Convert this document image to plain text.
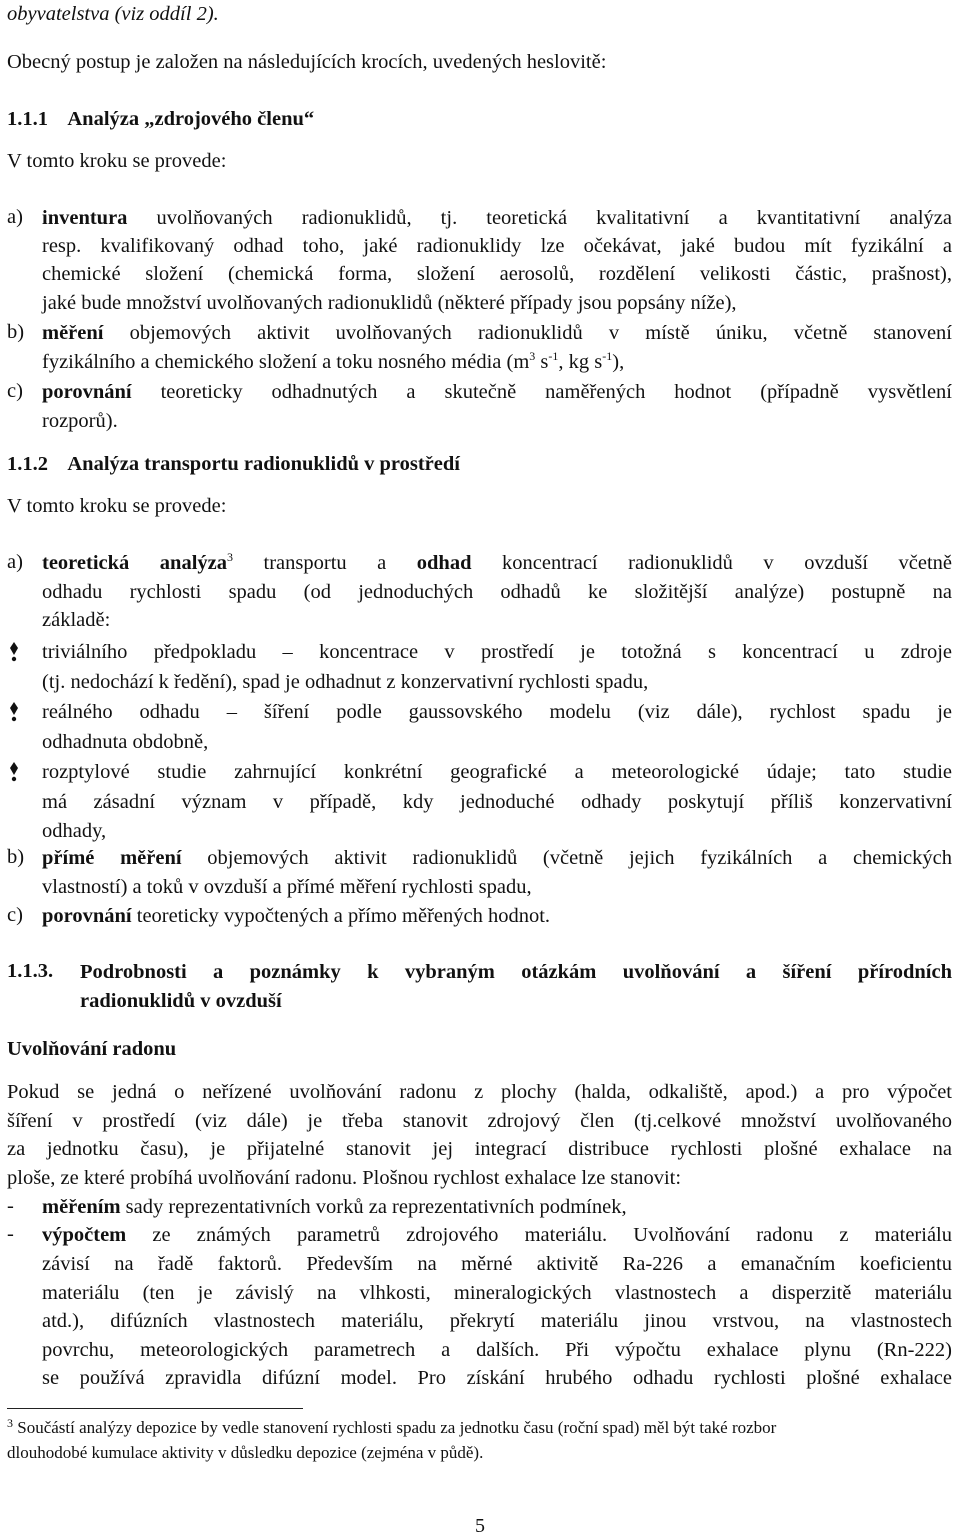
obyvatelstva (viz oddíl 2).
Obecný postup je založen na následujících krocích, uvedených heslovitě:
1.1.1 Analýza „zdrojového členu“
V tomto kroku se provede:
a) inventura uvolňovaných radionuklidů, tj. teoretická kvalitativní a kvantitativní analýza
resp. kvalifikovaný odhad toho, jaké radionuklidy lze očekávat, jaké budou mít fyzikální a
chemické složení (chemická forma, složení aerosolů, rozdělení velikosti částic, prašnost),
jaké bude množství uvolňovaných radionuklidů (některé případy jsou popsány níže),
b) měření objemových aktivit uvolňovaných radionuklidů v místě úniku, včetně stanovení
fyzikálního a chemického složení a toku nosného média ($m^3$ $s^{-1}$, kg $s^{-1}$),
c) porovnání teoreticky odhadnutých a skutečně naměřených hodnot (případně vysvětlení
rozporů).
1.1.2 Analýza transportu radionuklidů v prostředí
V tomto kroku se provede:
a) teoretická analýza$^3$ transportu a odhad koncentrací radionuklidů v ovzduší včetně
odhadu rychlosti spadu (od jednoduchých odhadů ke složitější analýze) postupně na
základě:
triviálního předpokladu – koncentrace v prostředí je totožná s koncentrací u zdroje
(tj. nedochází k ředění), spad je odhadnut z konzervativní rychlosti spadu,
reálného odhadu – šíření podle gaussovského modelu (viz dále), rychlost spadu je
odhadnuta obdobně,
rozptylové studie zahrnující konkrétní geografické a meteorologické údaje; tato studie
má zásadní význam v případě, kdy jednoduché odhady poskytují příliš konzervativní
odhady,
b) přímé měření objemových aktivit radionuklidů (včetně jejich fyzikálních a chemických
vlastností) a toků v ovzduší a přímé měření rychlosti spadu,
c) porovnání teoreticky vypočtených a přímo měřených hodnot.
1.1.3.	Podrobnosti a poznámky k vybraným otázkám uvolňování a šíření přírodních
radionuklidů v ovzduší
Uvolňování radonu
Pokud se jedná o neřízené uvolňování radonu z plochy (halda, odkaliště, apod.) a pro výpočet
šíření v prostředí (viz dále) je třeba stanovit zdrojový člen (tj.celkové množství uvolňovaného
za jednotku času), je přijatelné stanovit jej integrací distribuce rychlosti plošné exhalace na
ploše, ze které probíhá uvolňování radonu. Plošnou rychlost exhalace lze stanovit:
-	měřením sady reprezentativních vorků za reprezentativních podmínek,
-	výpočtem ze známých parametrů zdrojového materiálu. Uvolňování radonu z materiálu
závisí na řadě faktorů. Především na měrné aktivitě Ra-226 a emanačním koeficientu
materiálu (ten je závislý na vlhkosti, mineralogických vlastnostech a disperzitě materiálu
atd.), difúzních vlastnostech materiálu, překrytí materiálu jinou vrstvou, na vlastnostech
povrchu, meteorologických parametrech a dalších. Při výpočtu exhalace plynu (Rn-222)
se používá zpravidla difúzní model. Pro získání hrubého odhadu rychlosti plošné exhalace
$^3$ Součástí analýzy depozice by vedle stanovení rychlosti spadu za jednotku času (roční spad) měl být také rozbor
dlouhodobé kumulace aktivity v důsledku depozice (zejména v půdě).
5
